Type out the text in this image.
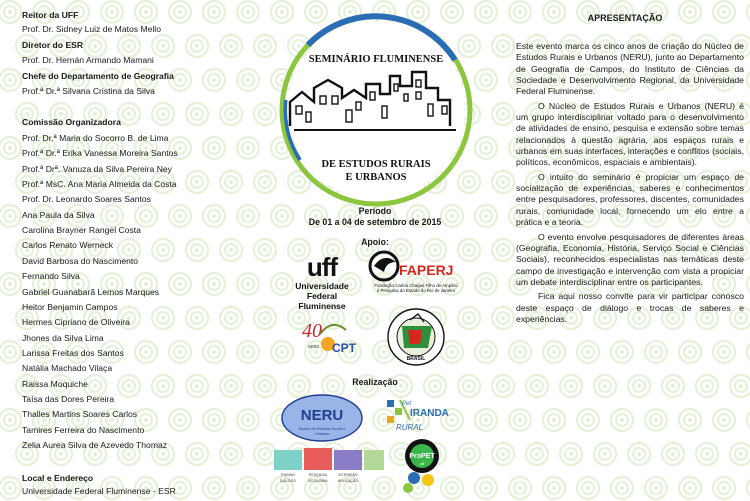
Reitor da UFF
Prof. Dr. Sidney Luiz de Matos Mello
Diretor do ESR
Prof. Dr. Hernán Armando Mamani
Chefe do Departamento de Geografia
Prof.ª Dr.ª Silvana Cristina da Silva
Comissão Organizadora
Prof. Dr.ª Maria do Socorro B. de Lima
Prof.ª Dr.ª Erika Vanessa Moreira Santos
Prof.ª Drª. Vanuza da Silva Pereira Ney
Prof.ª MsC. Ana Maria Almeida da Costa
Prof. Dr. Leonardo Soares Santos
Ana Paula da Silva
Carolina Brayner Rangel Costa
Carlos Renato Werneck
David Barbosa do Nascimento
Fernando Silva
Gabriel Guanabarã Lemos Marques
Heitor Benjamin Campos
Hermes Cipriano de Oliveira
Jhones da Silva Lima
Larissa Freitas dos Santos
Natália Machado Vilaça
Raissa Moquiche
Taísa das Dores Pereira
Thalles Martins Soares Carlos
Tamires Ferreira do Nascimento
Zelia Aurea Silva de Azevedo Thomaz
Local e Endereço
Universidade Federal Fluminense - ESR
SEMINÁRIO FLUMINENSE
DE ESTUDOS RURAIS
E URBANOS
uff
Universidade
Federal
Fluminense
FAPERJ
Fundação Carlos Chagas Filho de Amparo
à Pesquisa do Estado do Rio de Janeiro
40
anos CPT
BRASIL
NERU
Núcleo de Estudos Rurais e
Urbanos
Pet
IRANDA
RURAL
ENSINO	PESQUISA	EXTENSÃO
DIÁLOGO	ECONOMIA	APLICAÇÃO
ProPET
uff
Período
De 01 a 04 de setembro de 2015
Apoio:
Realização
APRESENTAÇÃO

Este evento marca os cinco anos de criação do Núcleo de Estudos Rurais e Urbanos (NERU), junto ao Departamento de Geografia de Campos, do Instituto de Ciências da Sociedade e Desenvolvimento Regional, da Universidade Federal Fluminense.

O Núcleo de Estudos Rurais e Urbanos (NERU) é um grupo interdisciplinar voltado para o desenvolvimento de atividades de ensino, pesquisa e extensão sobre temas relacionados à questão agrária, aos espaços rurais e urbanos em suas interfaces, interações e conflitos (sociais, políticos, econômicos, espaciais e ambientais).

O intuito do seminário é propiciar um espaço de socialização de experiências, saberes e conhecimentos entre pesquisadores, professores, discentes, comunidades rurais, comunidade local, fornecendo um elo entre a prática e a teoria.

O evento envolve pesquisadores de diferentes áreas (Geografia, Economia, História, Serviço Social e Ciências Sociais), reconhecidos especialistas nas temáticas deste campo de investigação e intervenção com vista a propiciar um debate interdisciplinar entre os participantes.

Fica aqui nosso convite para vir participar conosco deste espaço de diálogo e trocas de saberes e experiências.
